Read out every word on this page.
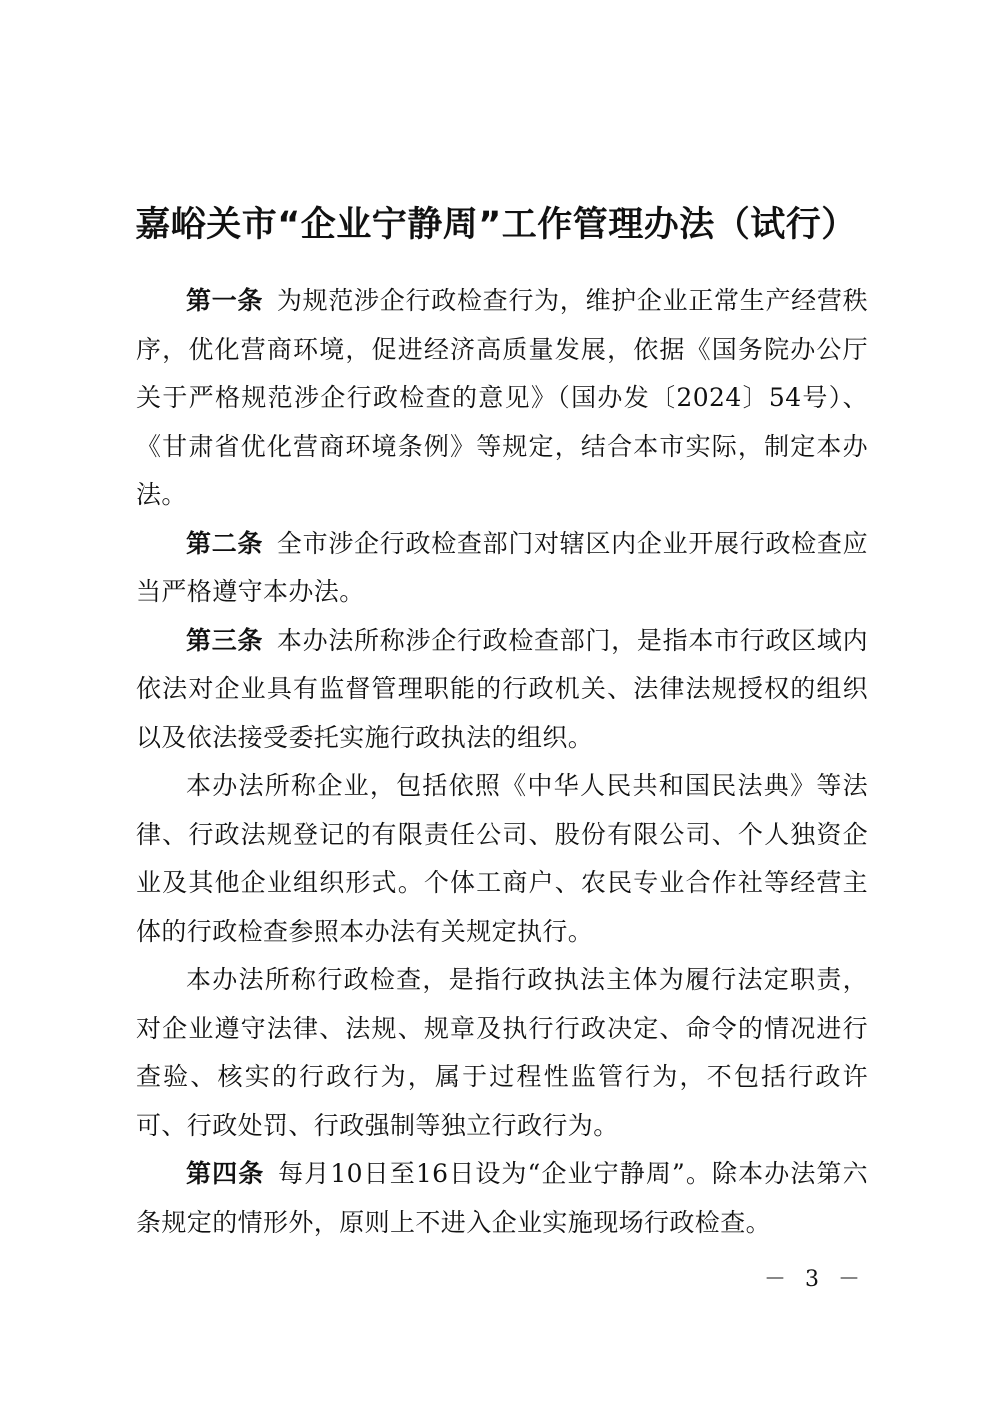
嘉峪关市“企业宁静周”工作管理办法（试行）

第一条 为规范涉企行政检查行为，维护企业正常生产经营秩序，优化营商环境，促进经济高质量发展，依据《国务院办公厅关于严格规范涉企行政检查的意见》（国办发〔2024〕54号）、《甘肃省优化营商环境条例》等规定，结合本市实际，制定本办法。

第二条 全市涉企行政检查部门对辖区内企业开展行政检查应当严格遵守本办法。

第三条 本办法所称涉企行政检查部门，是指本市行政区域内依法对企业具有监督管理职能的行政机关、法律法规授权的组织以及依法接受委托实施行政执法的组织。

本办法所称企业，包括依照《中华人民共和国民法典》等法律、行政法规登记的有限责任公司、股份有限公司、个人独资企业及其他企业组织形式。个体工商户、农民专业合作社等经营主体的行政检查参照本办法有关规定执行。

本办法所称行政检查，是指行政执法主体为履行法定职责，对企业遵守法律、法规、规章及执行行政决定、命令的情况进行查验、核实的行政行为，属于过程性监管行为，不包括行政许可、行政处罚、行政强制等独立行政行为。

第四条 每月10日至16日设为“企业宁静周”。除本办法第六条规定的情形外，原则上不进入企业实施现场行政检查。

－ 3 －
